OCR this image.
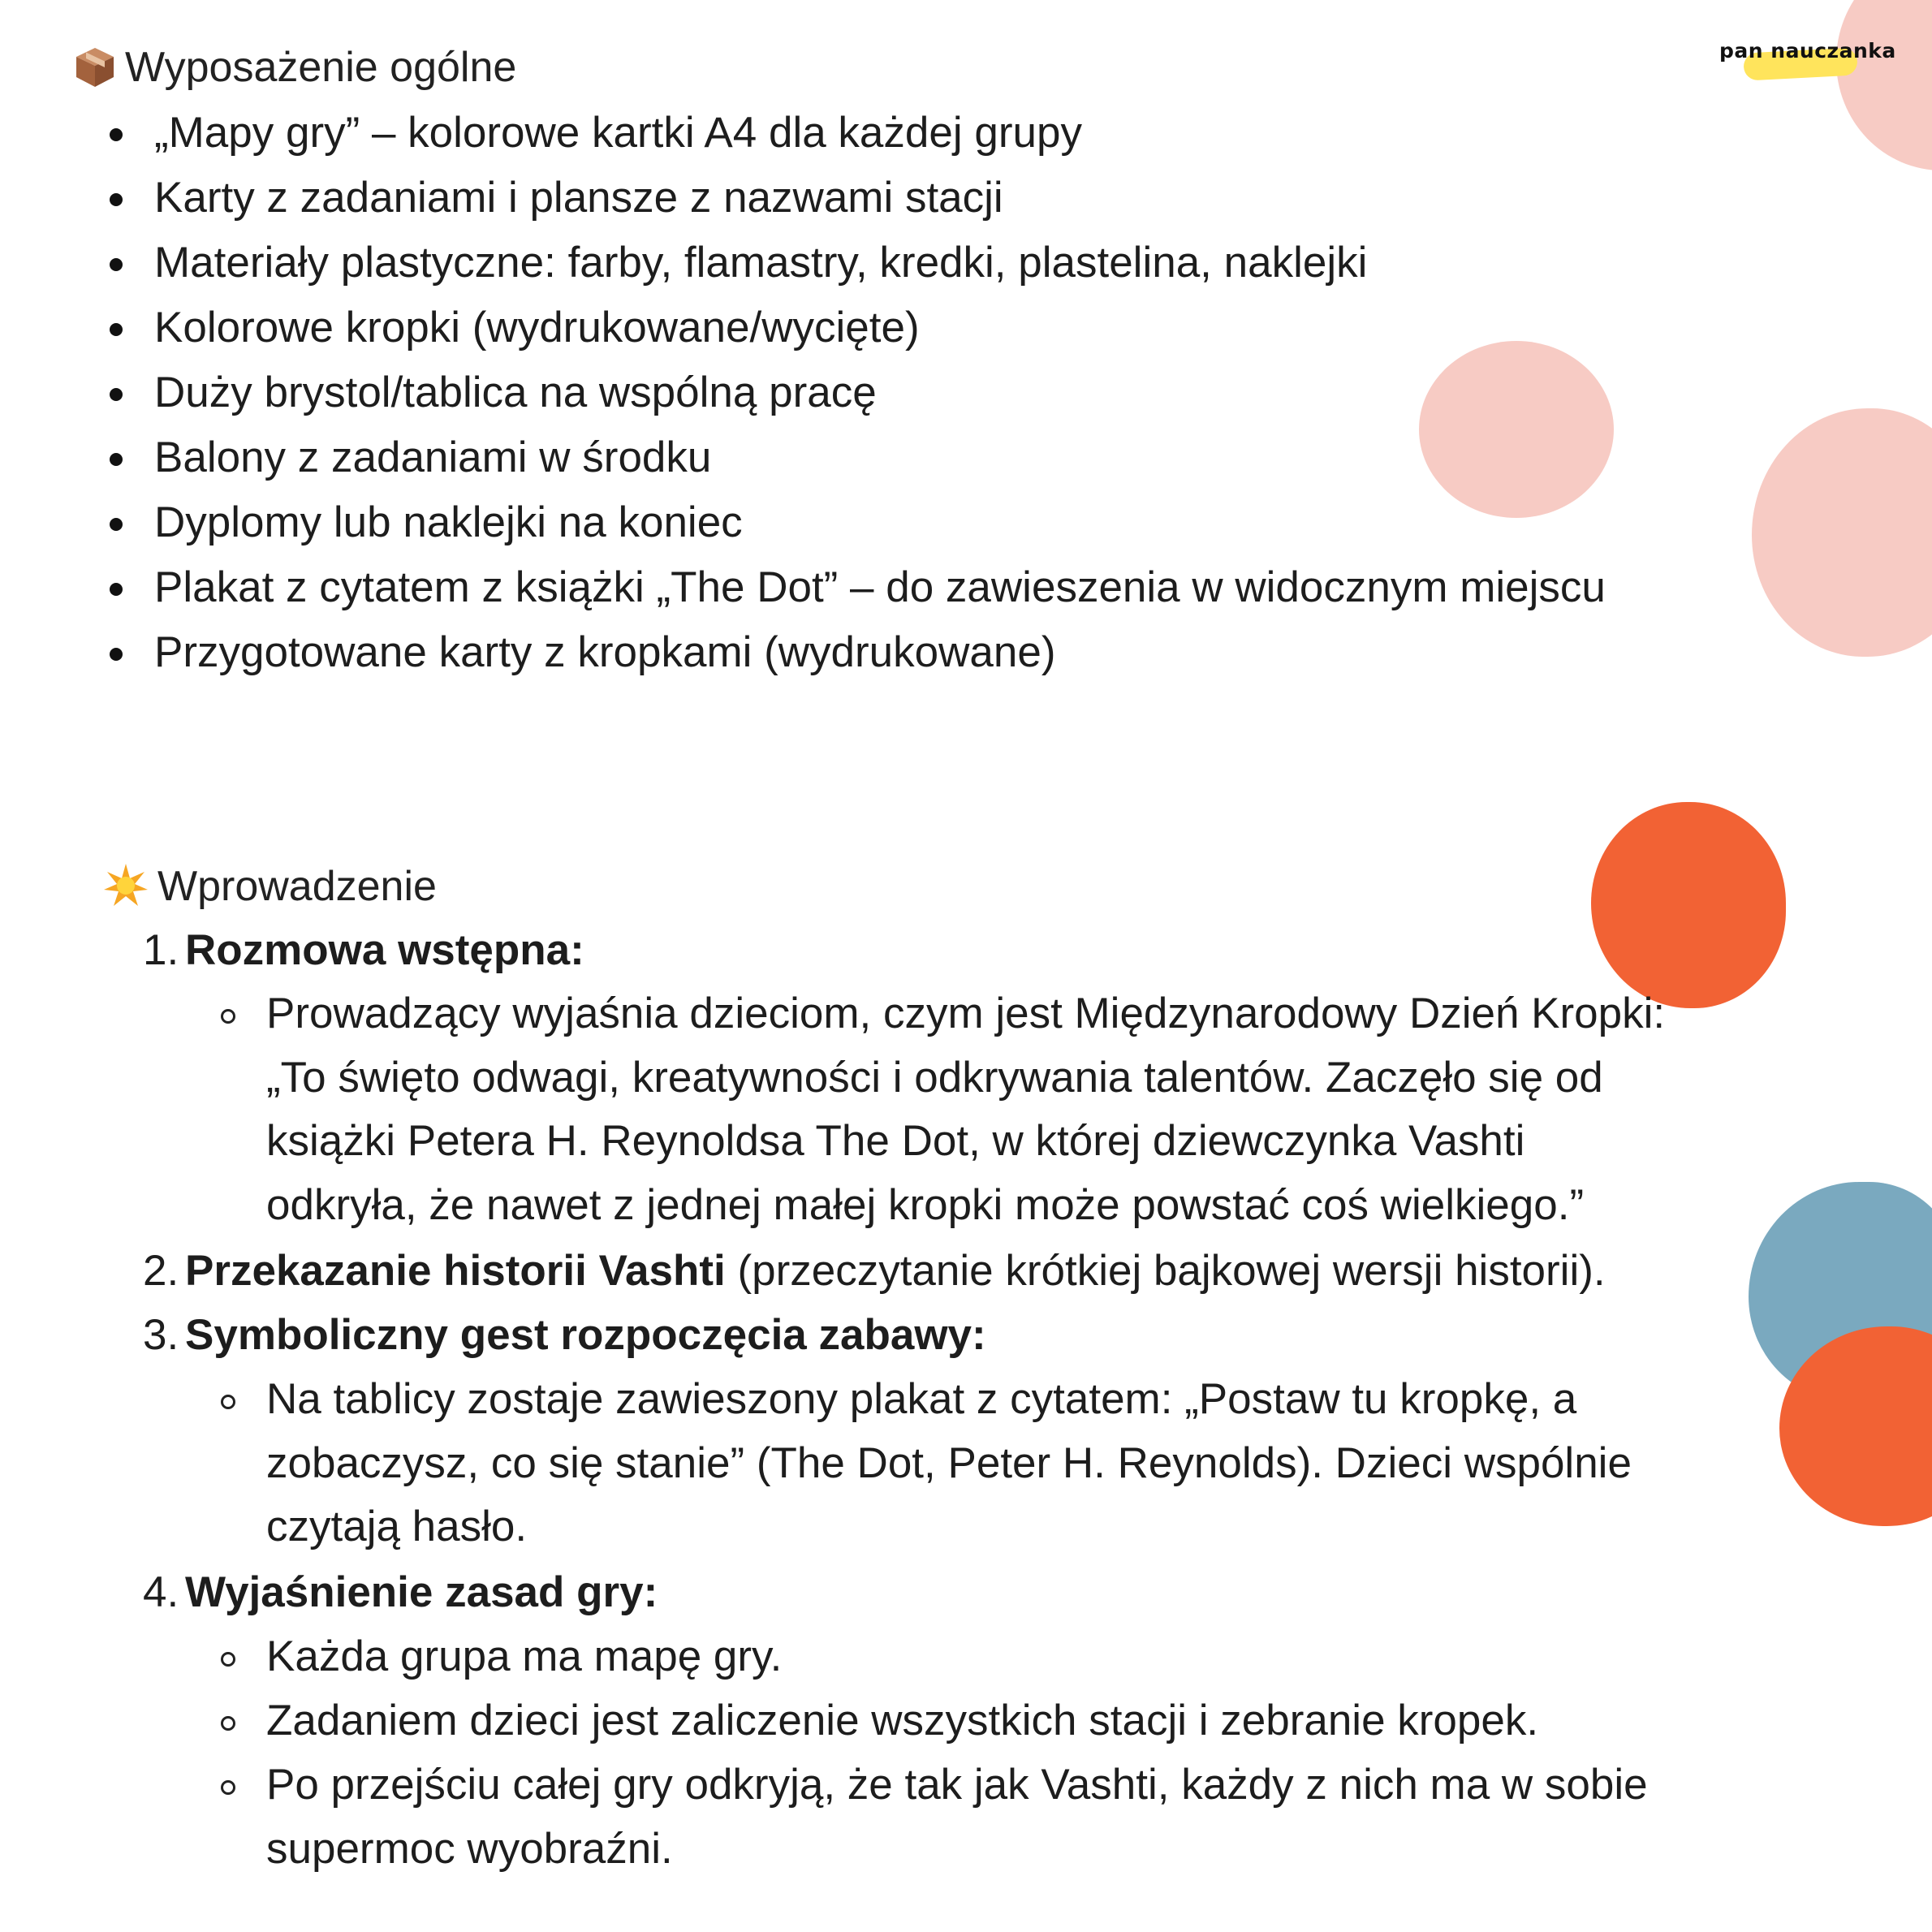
pan nauczanka
Wyposażenie ogólne
„Mapy gry” – kolorowe kartki A4 dla każdej grupy
Karty z zadaniami i plansze z nazwami stacji
Materiały plastyczne: farby, flamastry, kredki, plastelina, naklejki
Kolorowe kropki (wydrukowane/wycięte)
Duży brystol/tablica na wspólną pracę
Balony z zadaniami w środku
Dyplomy lub naklejki na koniec
Plakat z cytatem z książki „The Dot” – do zawieszenia w widocznym miejscu
Przygotowane karty z kropkami (wydrukowane)
Wprowadzenie
1. Rozmowa wstępna:
Prowadzący wyjaśnia dzieciom, czym jest Międzynarodowy Dzień Kropki:„To święto odwagi, kreatywności i odkrywania talentów. Zaczęło się od książki Petera H. Reynoldsa The Dot, w której dziewczynka Vashti odkryła, że nawet z jednej małej kropki może powstać coś wielkiego.”
2. Przekazanie historii Vashti (przeczytanie krótkiej bajkowej wersji historii).
3. Symboliczny gest rozpoczęcia zabawy:
Na tablicy zostaje zawieszony plakat z cytatem: „Postaw tu kropkę, a zobaczysz, co się stanie” (The Dot, Peter H. Reynolds). Dzieci wspólnie czytają hasło.
4. Wyjaśnienie zasad gry:
Każda grupa ma mapę gry.
Zadaniem dzieci jest zaliczenie wszystkich stacji i zebranie kropek.
Po przejściu całej gry odkryją, że tak jak Vashti, każdy z nich ma w sobie supermoc wyobraźni.
